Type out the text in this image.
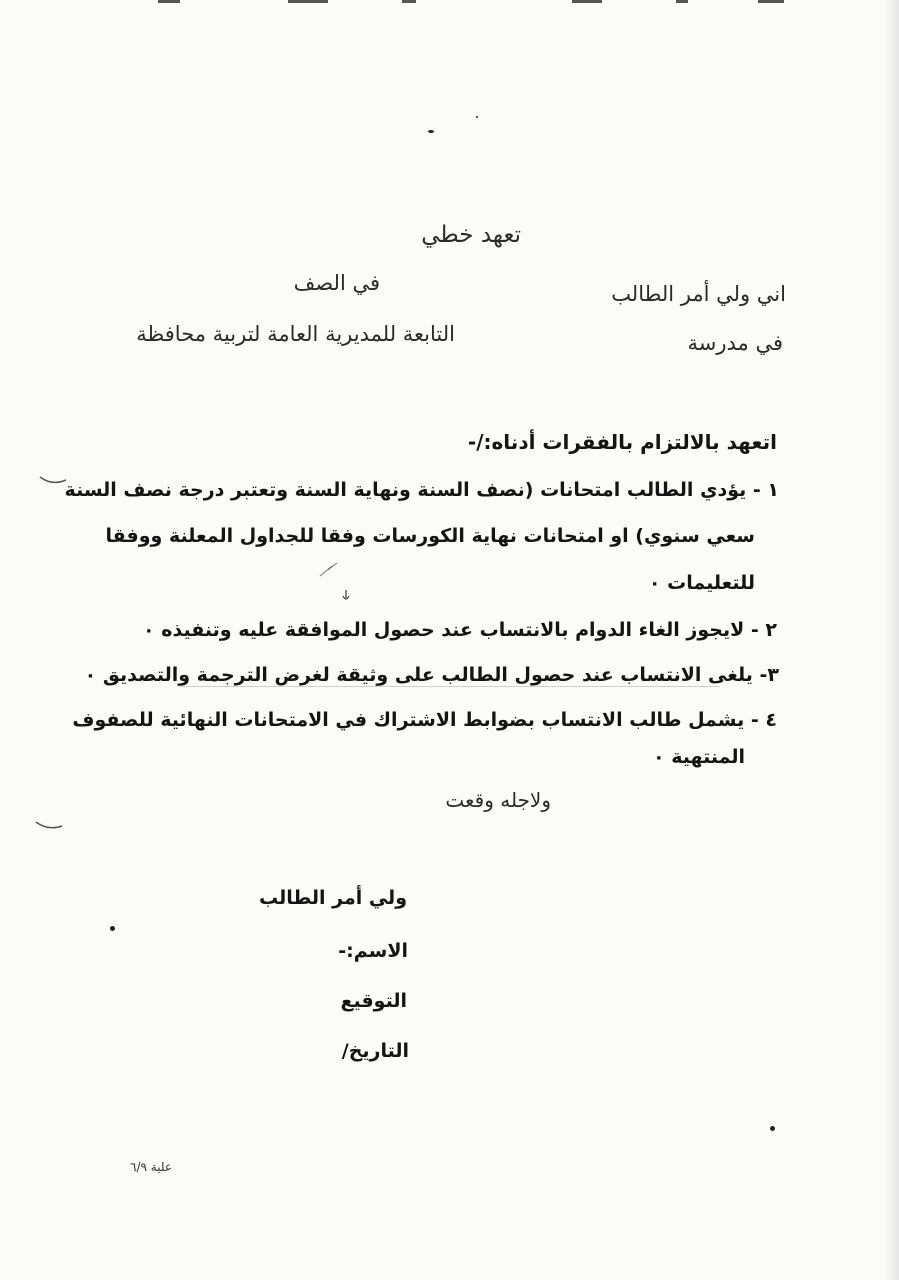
تعهد خطي
اني ولي أمر الطالب
في الصف
في مدرسة
التابعة للمديرية العامة لتربية محافظة
اتعهد بالالتزام بالفقرات أدناه:/-
١ - يؤدي الطالب امتحانات (نصف السنة ونهاية السنة وتعتبر درجة نصف السنة
سعي سنوي) او امتحانات نهاية الكورسات وفقا للجداول المعلنة ووفقا
للتعليمات ٠
٢ - لايجوز الغاء الدوام بالانتساب عند حصول الموافقة عليه وتنفيذه ٠
٣- يلغى الانتساب عند حصول الطالب على وثيقة لغرض الترجمة والتصديق ٠
٤ - يشمل طالب الانتساب بضوابط الاشتراك في الامتحانات النهائية للصفوف
المنتهية ٠
ولاجله وقعت
ولي أمر الطالب
الاسم:-
التوقيع
التاريخ/
علية ٦/٩
